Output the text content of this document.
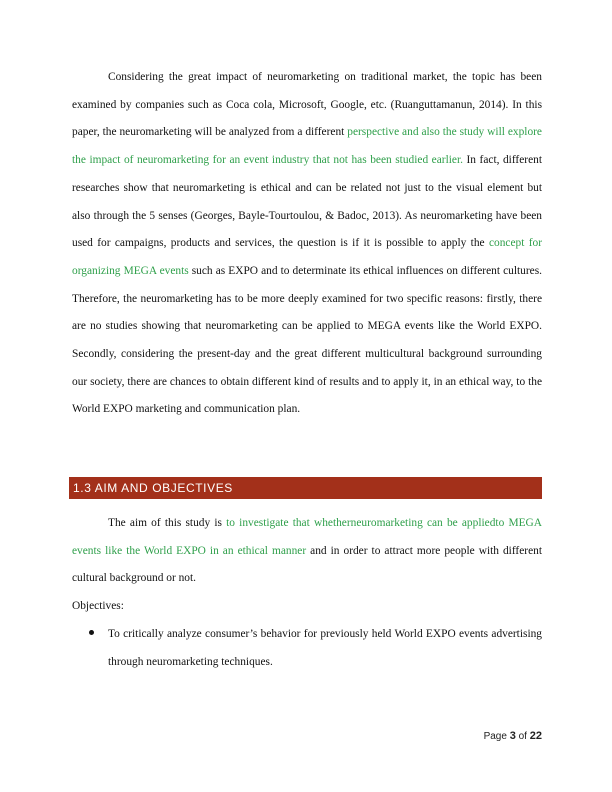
Considering the great impact of neuromarketing on traditional market, the topic has been examined by companies such as Coca cola, Microsoft, Google, etc. (Ruanguttamanun, 2014). In this paper, the neuromarketing will be analyzed from a different perspective and also the study will explore the impact of neuromarketing for an event industry that not has been studied earlier. In fact, different researches show that neuromarketing is ethical and can be related not just to the visual element but also through the 5 senses (Georges, Bayle-Tourtoulou, & Badoc, 2013). As neuromarketing have been used for campaigns, products and services, the question is if it is possible to apply the concept for organizing MEGA events such as EXPO and to determinate its ethical influences on different cultures. Therefore, the neuromarketing has to be more deeply examined for two specific reasons: firstly, there are no studies showing that neuromarketing can be applied to MEGA events like the World EXPO. Secondly, considering the present-day and the great different multicultural background surrounding our society, there are chances to obtain different kind of results and to apply it, in an ethical way, to the World EXPO marketing and communication plan.

1.3 AIM AND OBJECTIVES

The aim of this study is to investigate that whetherneuromarketing can be appliedto MEGA events like the World EXPO in an ethical manner and in order to attract more people with different cultural background or not.

Objectives:
To critically analyze consumer’s behavior for previously held World EXPO events advertising through neuromarketing techniques.
Page 3 of 22
